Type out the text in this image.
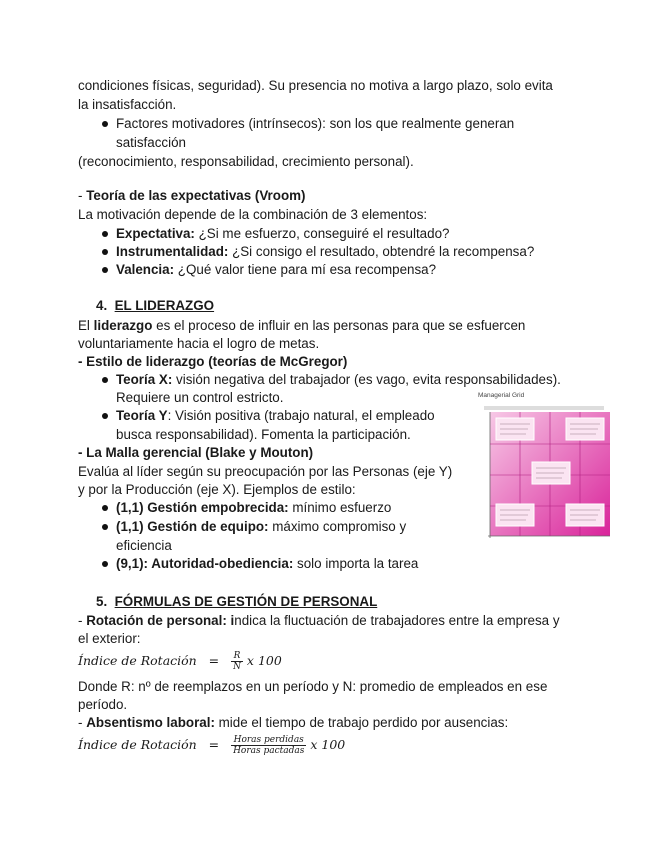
condiciones físicas, seguridad). Su presencia no motiva a largo plazo, solo evita
la insatisfacción.
Factores motivadores (intrínsecos): son los que realmente generan
satisfacción
(reconocimiento, responsabilidad, crecimiento personal).
- Teoría de las expectativas (Vroom)
La motivación depende de la combinación de 3 elementos:
Expectativa: ¿Si me esfuerzo, conseguiré el resultado?
Instrumentalidad: ¿Si consigo el resultado, obtendré la recompensa?
Valencia: ¿Qué valor tiene para mí esa recompensa?
4. EL LIDERAZGO
El liderazgo es el proceso de influir en las personas para que se esfuercen
voluntariamente hacia el logro de metas.
- Estilo de liderazgo (teorías de McGregor)
Teoría X: visión negativa del trabajador (es vago, evita responsabilidades).
Requiere un control estricto.
Teoría Y: Visión positiva (trabajo natural, el empleado
busca responsabilidad). Fomenta la participación.
- La Malla gerencial (Blake y Mouton)
Evalúa al líder según su preocupación por las Personas (eje Y)
y por la Producción (eje X). Ejemplos de estilo:
(1,1) Gestión empobrecida: mínimo esfuerzo
(1,1) Gestión de equipo: máximo compromiso y
eficiencia
(9,1): Autoridad-obediencia: solo importa la tarea
5. FÓRMULAS DE GESTIÓN DE PERSONAL
- Rotación de personal: indica la fluctuación de trabajadores entre la empresa y
el exterior:
Índice de Rotación = $\frac{R}{N}$ x 100
Donde R: nº de reemplazos en un período y N: promedio de empleados en ese
período.
- Absentismo laboral: mide el tiempo de trabajo perdido por ausencias:
Índice de Rotación = $\frac{\text{Horas perdidas}}{\text{Horas pactadas}}$ x 100
Managerial Grid
